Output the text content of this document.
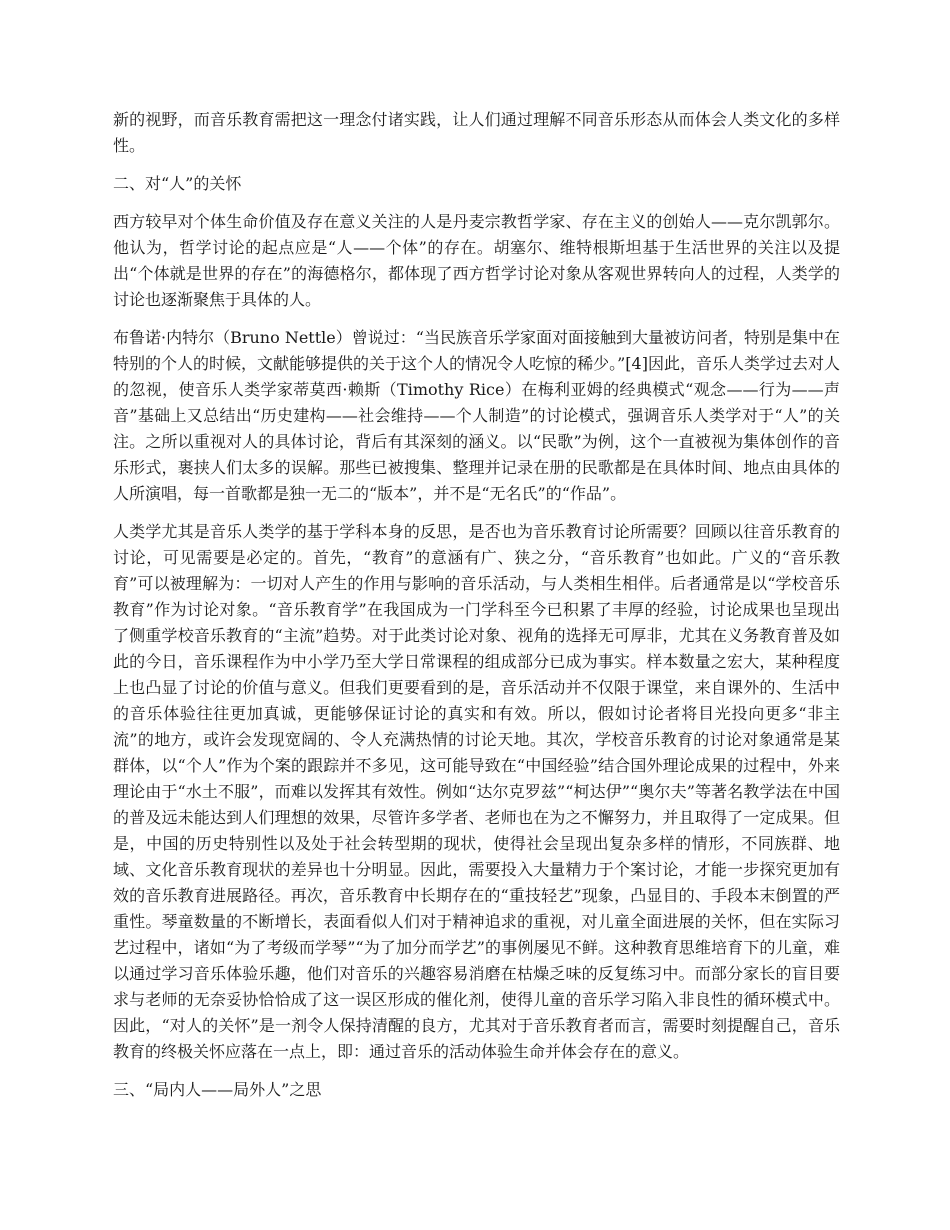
新的视野，而音乐教育需把这一理念付诸实践，让人们通过理解不同音乐形态从而体会人类文化的多样性。

二、对“人”的关怀

西方较早对个体生命价值及存在意义关注的人是丹麦宗教哲学家、存在主义的创始人——克尔凯郭尔。他认为，哲学讨论的起点应是“人——个体”的存在。胡塞尔、维特根斯坦基于生活世界的关注以及提出“个体就是世界的存在”的海德格尔，都体现了西方哲学讨论对象从客观世界转向人的过程，人类学的讨论也逐渐聚焦于具体的人。

布鲁诺·内特尔（Bruno Nettle）曾说过：“当民族音乐学家面对面接触到大量被访问者，特别是集中在特别的个人的时候，文献能够提供的关于这个人的情况令人吃惊的稀少。”[4]因此，音乐人类学过去对人的忽视，使音乐人类学家蒂莫西·赖斯（Timothy Rice）在梅利亚姆的经典模式“观念——行为——声音”基础上又总结出“历史建构——社会维持——个人制造”的讨论模式，强调音乐人类学对于“人”的关注。之所以重视对人的具体讨论，背后有其深刻的涵义。以“民歌”为例，这个一直被视为集体创作的音乐形式，裹挟人们太多的误解。那些已被搜集、整理并记录在册的民歌都是在具体时间、地点由具体的人所演唱，每一首歌都是独一无二的“版本”，并不是“无名氏”的“作品”。

人类学尤其是音乐人类学的基于学科本身的反思，是否也为音乐教育讨论所需要？回顾以往音乐教育的讨论，可见需要是必定的。首先，“教育”的意涵有广、狭之分，“音乐教育”也如此。广义的“音乐教育”可以被理解为：一切对人产生的作用与影响的音乐活动，与人类相生相伴。后者通常是以“学校音乐教育”作为讨论对象。“音乐教育学”在我国成为一门学科至今已积累了丰厚的经验，讨论成果也呈现出了侧重学校音乐教育的“主流”趋势。对于此类讨论对象、视角的选择无可厚非，尤其在义务教育普及如此的今日，音乐课程作为中小学乃至大学日常课程的组成部分已成为事实。样本数量之宏大，某种程度上也凸显了讨论的价值与意义。但我们更要看到的是，音乐活动并不仅限于课堂，来自课外的、生活中的音乐体验往往更加真诚，更能够保证讨论的真实和有效。所以，假如讨论者将目光投向更多“非主流”的地方，或许会发现宽阔的、令人充满热情的讨论天地。其次，学校音乐教育的讨论对象通常是某群体，以“个人”作为个案的跟踪并不多见，这可能导致在“中国经验”结合国外理论成果的过程中，外来理论由于“水土不服”，而难以发挥其有效性。例如“达尔克罗兹”“柯达伊”“奥尔夫”等著名教学法在中国的普及远未能达到人们理想的效果，尽管许多学者、老师也在为之不懈努力，并且取得了一定成果。但是，中国的历史特别性以及处于社会转型期的现状，使得社会呈现出复杂多样的情形，不同族群、地域、文化音乐教育现状的差异也十分明显。因此，需要投入大量精力于个案讨论，才能一步探究更加有效的音乐教育进展路径。再次，音乐教育中长期存在的“重技轻艺”现象，凸显目的、手段本末倒置的严重性。琴童数量的不断增长，表面看似人们对于精神追求的重视，对儿童全面进展的关怀，但在实际习艺过程中，诸如“为了考级而学琴”“为了加分而学艺”的事例屡见不鲜。这种教育思维培育下的儿童，难以通过学习音乐体验乐趣，他们对音乐的兴趣容易消磨在枯燥乏味的反复练习中。而部分家长的盲目要求与老师的无奈妥协恰恰成了这一误区形成的催化剂，使得儿童的音乐学习陷入非良性的循环模式中。因此，“对人的关怀”是一剂令人保持清醒的良方，尤其对于音乐教育者而言，需要时刻提醒自己，音乐教育的终极关怀应落在一点上，即：通过音乐的活动体验生命并体会存在的意义。

三、“局内人——局外人”之思
